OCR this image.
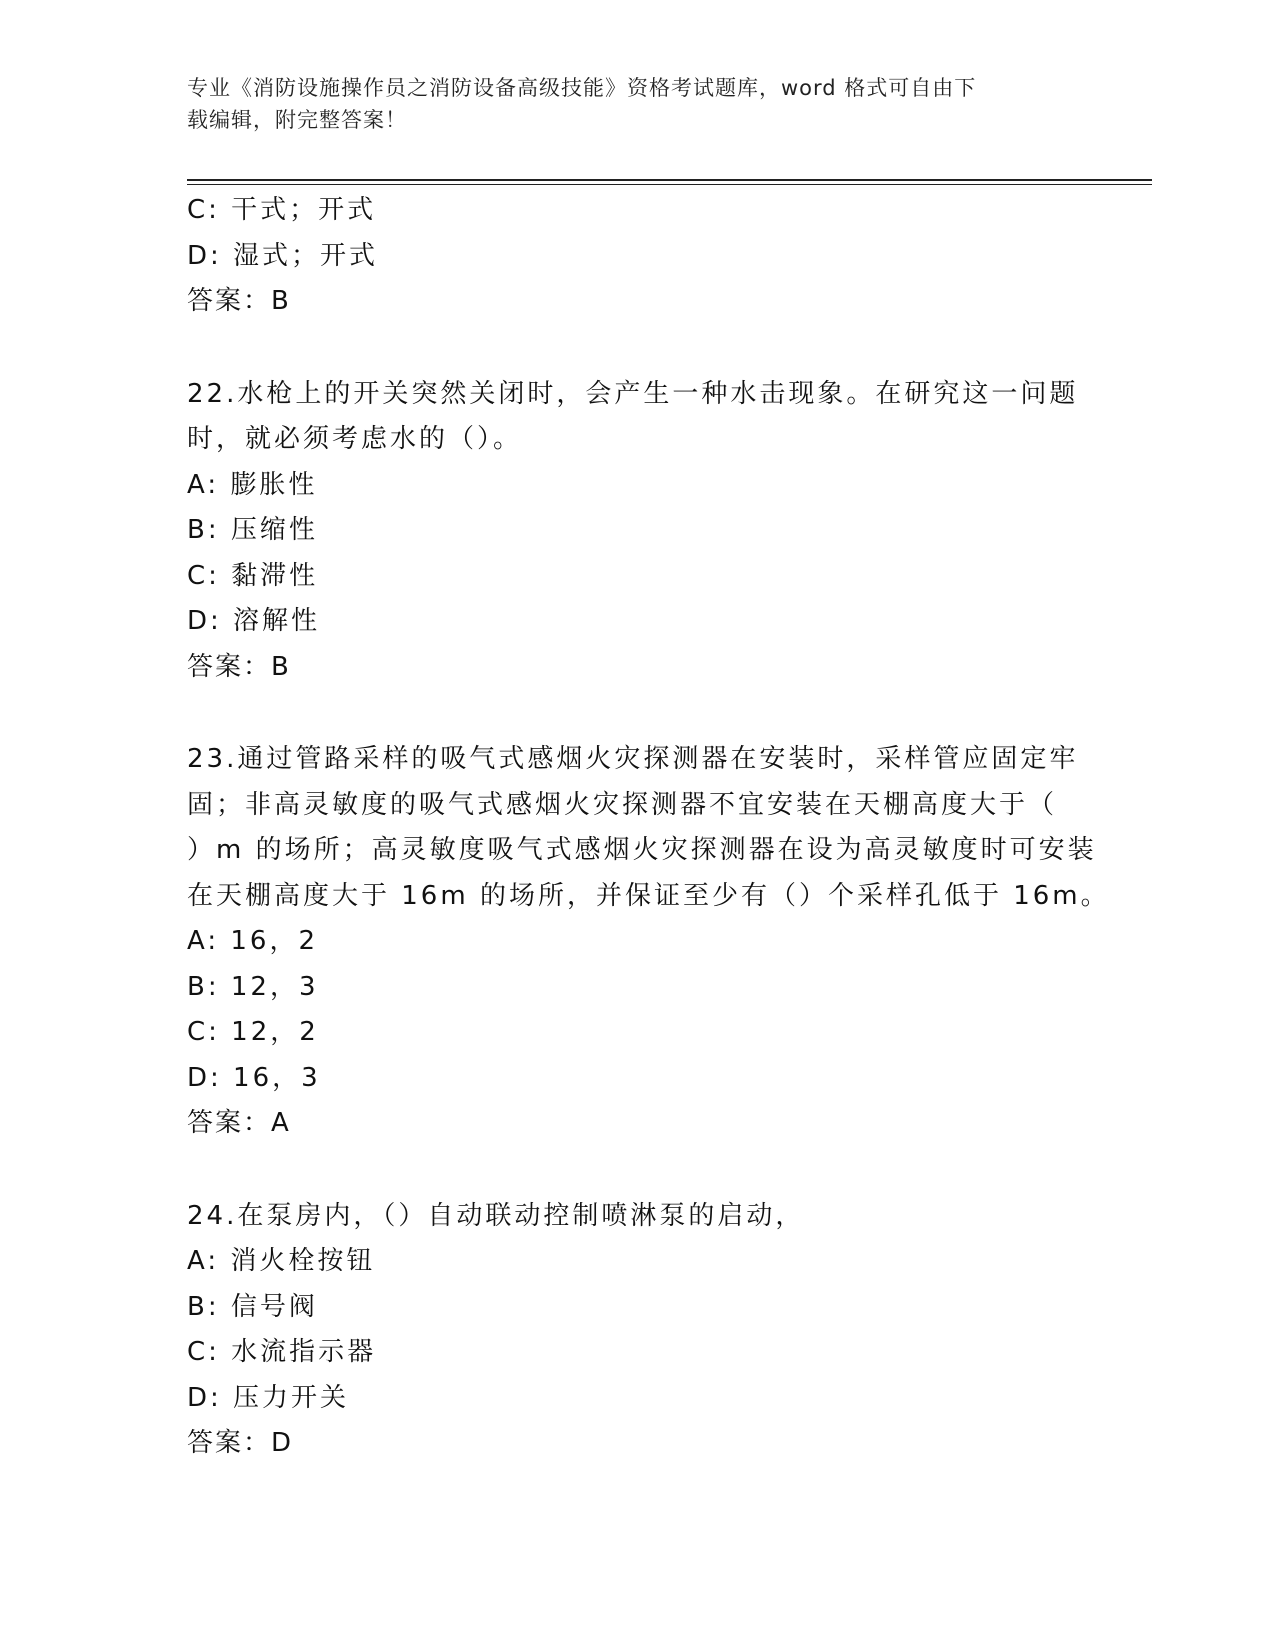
专业《消防设施操作员之消防设备高级技能》资格考试题库，word 格式可自由下
载编辑，附完整答案！
C: 干式；开式
D: 湿式；开式
答案：B
22.水枪上的开关突然关闭时，会产生一种水击现象。在研究这一问题
时，就必须考虑水的（）。
A: 膨胀性
B: 压缩性
C: 黏滞性
D: 溶解性
答案：B
23.通过管路采样的吸气式感烟火灾探测器在安装时，采样管应固定牢
固；非高灵敏度的吸气式感烟火灾探测器不宜安装在天棚高度大于（
）m 的场所；高灵敏度吸气式感烟火灾探测器在设为高灵敏度时可安装
在天棚高度大于 16m 的场所，并保证至少有（）个采样孔低于 16m。
A: 16，2
B: 12，3
C: 12，2
D: 16，3
答案：A
24.在泵房内，（）自动联动控制喷淋泵的启动，
A: 消火栓按钮
B: 信号阀
C: 水流指示器
D: 压力开关
答案：D
